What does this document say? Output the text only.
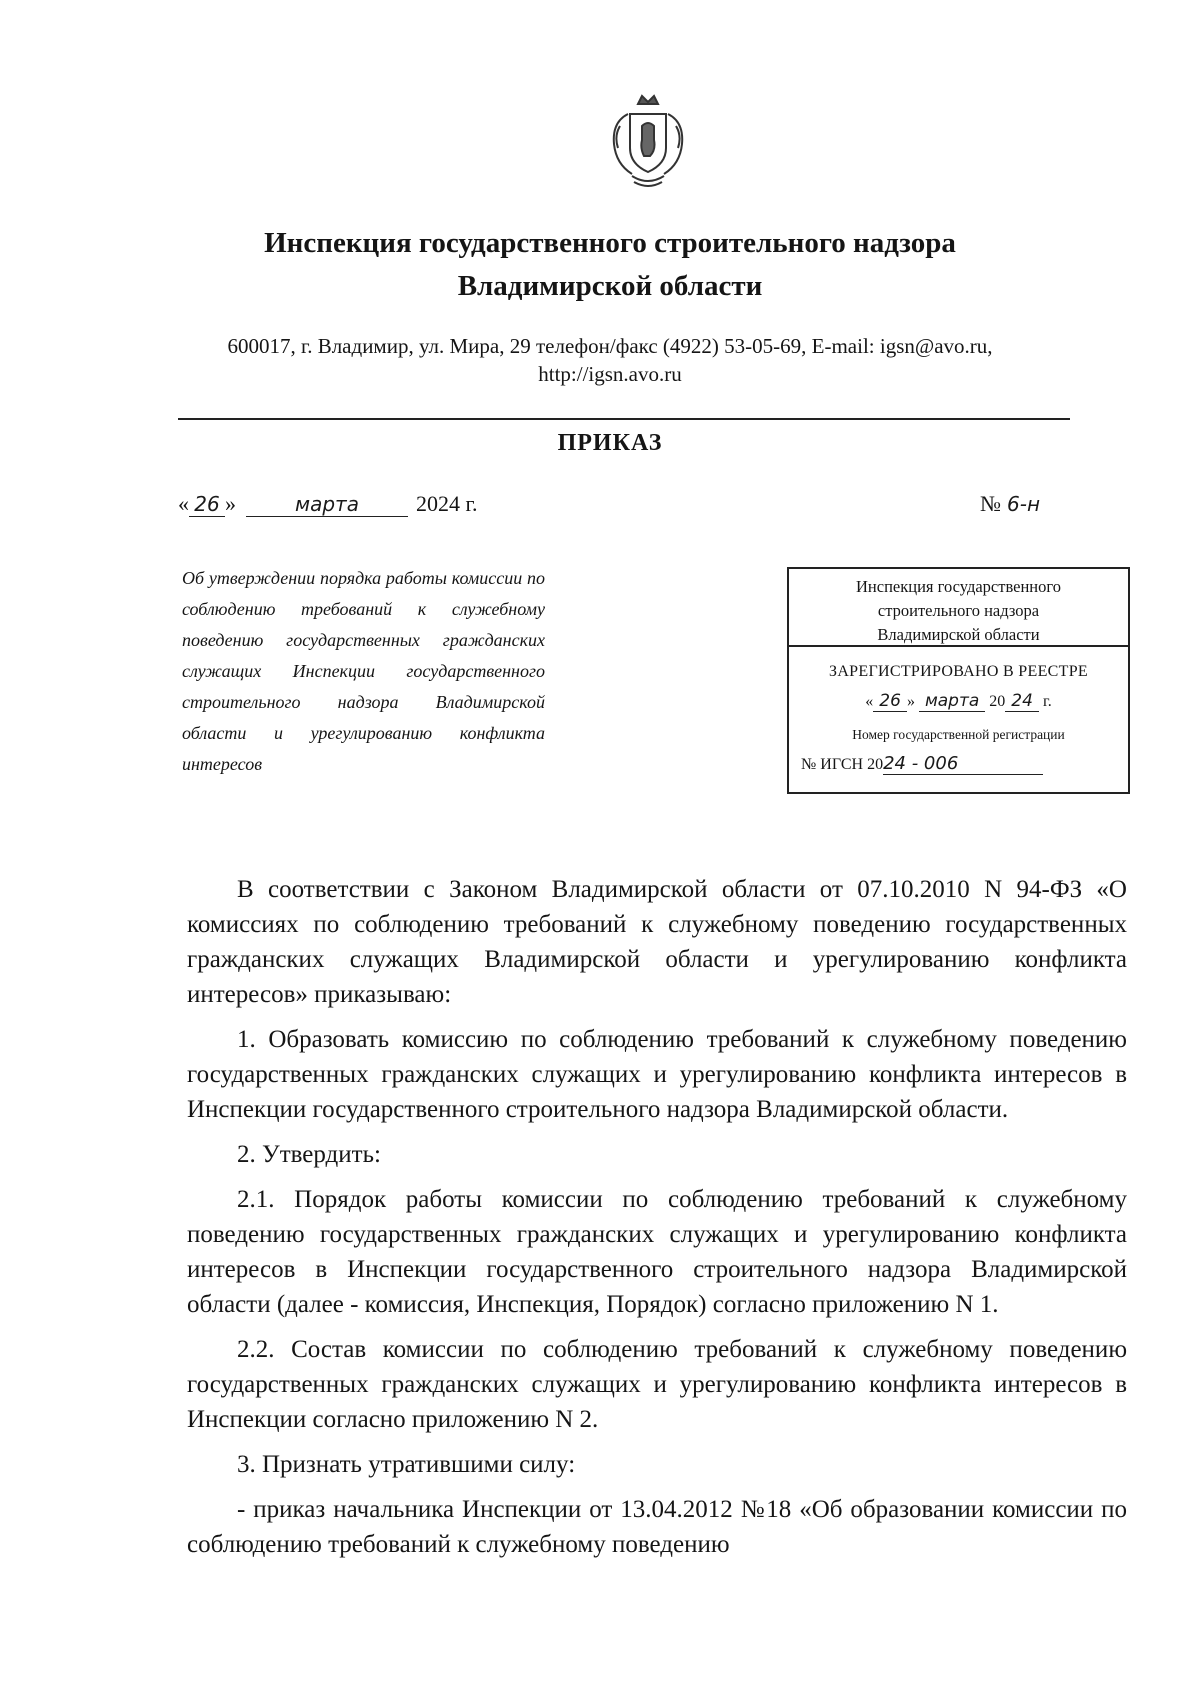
Инспекция государственного строительного надзора
Владимирской области
600017, г. Владимир, ул. Мира, 29 телефон/факс (4922) 53-05-69, E-mail: igsn@avo.ru,
http://igsn.avo.ru
ПРИКАЗ
« 26 »	марта	2024 г.	№ 6-н
Об утверждении порядка работы комиссии по соблюдению требований к служебному поведению государственных гражданских служащих Инспекции государственного строительного надзора Владимирской области и урегулированию конфликта интересов
Инспекция государственного
строительного надзора
Владимирской области
ЗАРЕГИСТРИРОВАНО В РЕЕСТРЕ
« 26 » марта 20 24 г.
Номер государственной регистрации
№ ИГСН 2024 - 006

В соответствии с Законом Владимирской области от 07.10.2010 N 94-ФЗ «О комиссиях по соблюдению требований к служебному поведению государственных гражданских служащих Владимирской области и урегулированию конфликта интересов» приказываю:

1. Образовать комиссию по соблюдению требований к служебному поведению государственных гражданских служащих и урегулированию конфликта интересов в Инспекции государственного строительного надзора Владимирской области.

2. Утвердить:

2.1. Порядок работы комиссии по соблюдению требований к служебному поведению государственных гражданских служащих и урегулированию конфликта интересов в Инспекции государственного строительного надзора Владимирской области (далее - комиссия, Инспекция, Порядок) согласно приложению N 1.

2.2. Состав комиссии по соблюдению требований к служебному поведению государственных гражданских служащих и урегулированию конфликта интересов в Инспекции согласно приложению N 2.

3. Признать утратившими силу:

- приказ начальника Инспекции от 13.04.2012 №18 «Об образовании комиссии по соблюдению требований к служебному поведению
